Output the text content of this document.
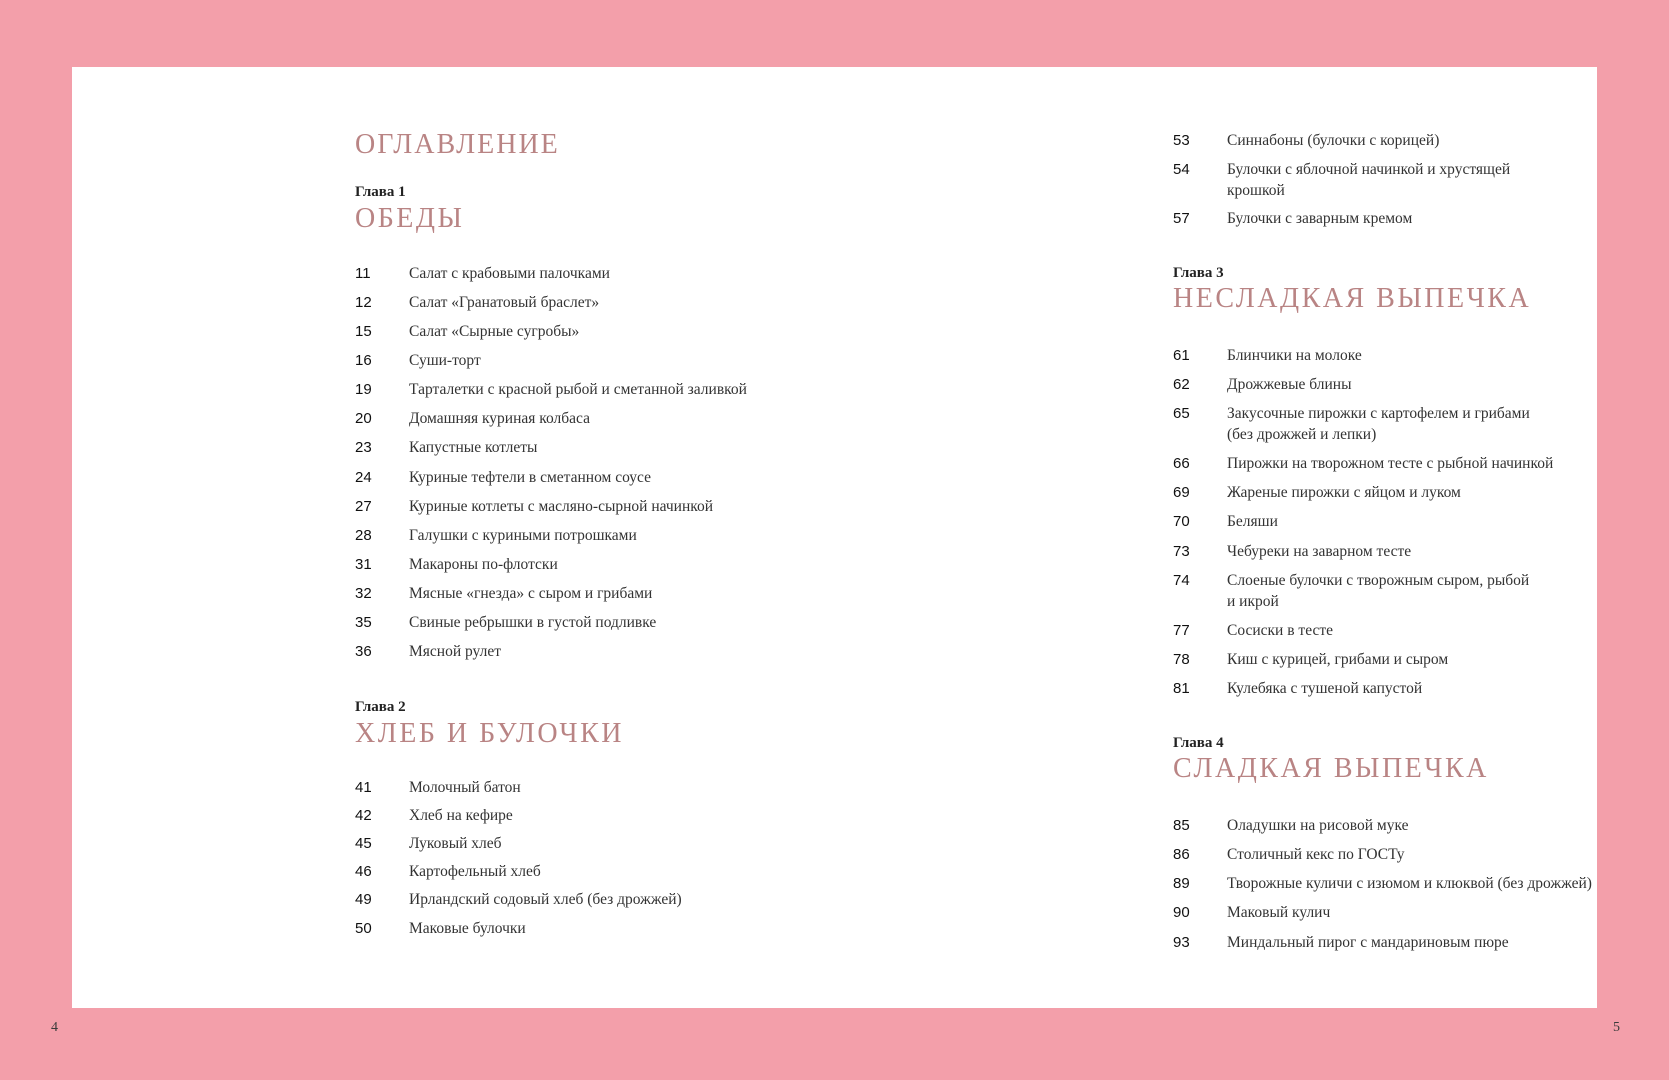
ОГЛАВЛЕНИЕ
Глава 1
ОБЕДЫ
11 Салат с крабовыми палочками
12 Салат «Гранатовый браслет»
15 Салат «Сырные сугробы»
16 Суши-торт
19 Тарталетки с красной рыбой и сметанной заливкой
20 Домашняя куриная колбаса
23 Капустные котлеты
24 Куриные тефтели в сметанном соусе
27 Куриные котлеты с масляно-сырной начинкой
28 Галушки с куриными потрошками
31 Макароны по-флотски
32 Мясные «гнезда» с сыром и грибами
35 Свиные ребрышки в густой подливке
36 Мясной рулет
Глава 2
ХЛЕБ И БУЛОЧКИ
41 Молочный батон
42 Хлеб на кефире
45 Луковый хлеб
46 Картофельный хлеб
49 Ирландский содовый хлеб (без дрожжей)
50 Маковые булочки
53 Синнабоны (булочки с корицей)
54 Булочки с яблочной начинкой и хрустящей
крошкой
57 Булочки с заварным кремом
Глава 3
НЕСЛАДКАЯ ВЫПЕЧКА
61 Блинчики на молоке
62 Дрожжевые блины
65 Закусочные пирожки с картофелем и грибами
(без дрожжей и лепки)
66 Пирожки на творожном тесте с рыбной начинкой
69 Жареные пирожки с яйцом и луком
70 Беляши
73 Чебуреки на заварном тесте
74 Слоеные булочки с творожным сыром, рыбой
и икрой
77 Сосиски в тесте
78 Киш с курицей, грибами и сыром
81 Кулебяка с тушеной капустой
Глава 4
СЛАДКАЯ ВЫПЕЧКА
85 Оладушки на рисовой муке
86 Столичный кекс по ГОСТу
89 Творожные куличи с изюмом и клюквой (без дрожжей)
90 Маковый кулич
93 Миндальный пирог с мандариновым пюре
4	5
